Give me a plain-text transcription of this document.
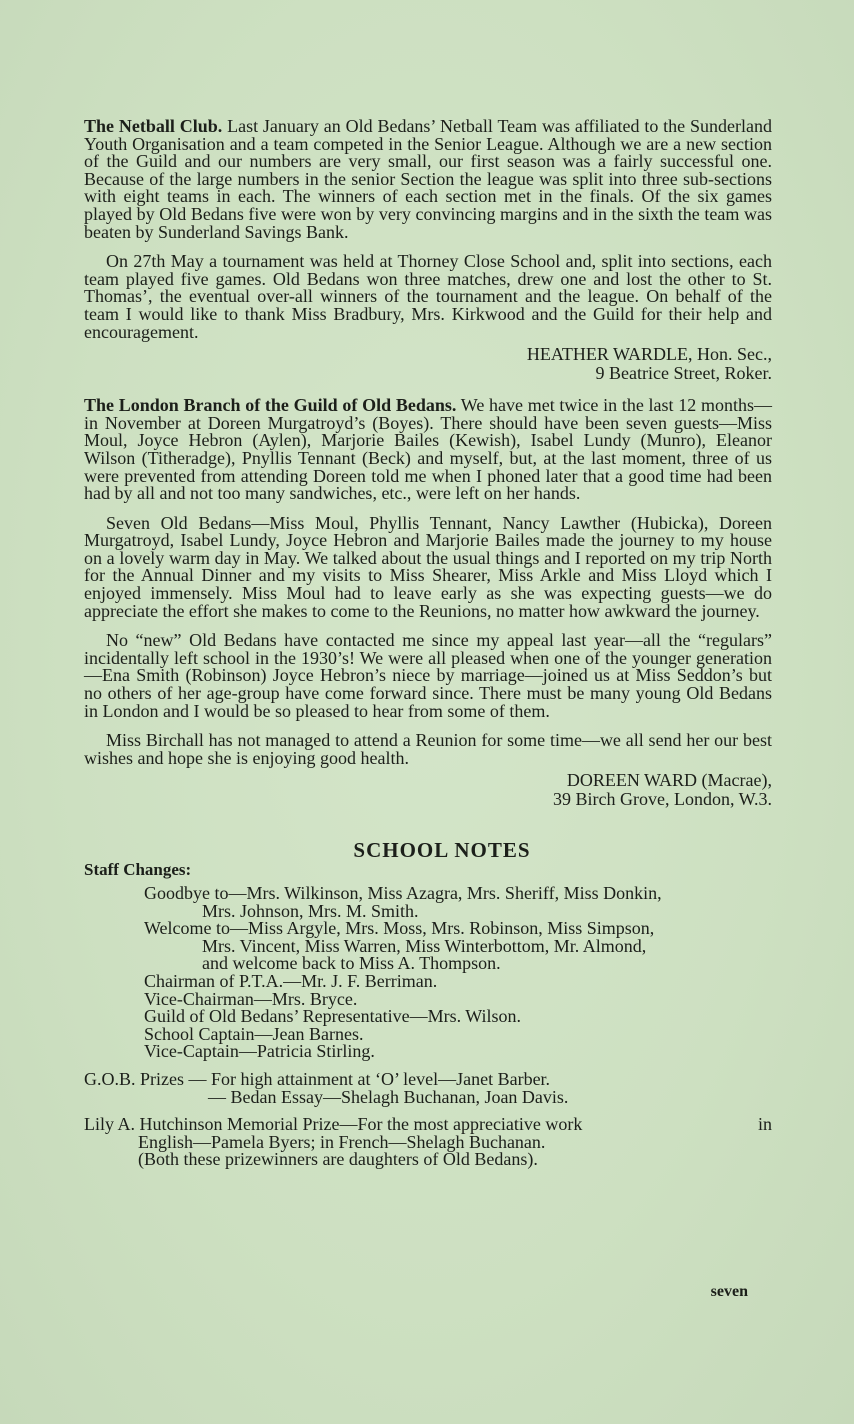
The Netball Club. Last January an Old Bedans’ Netball Team was affiliated to the Sunderland Youth Organisation and a team competed in the Senior League. Although we are a new section of the Guild and our numbers are very small, our first season was a fairly successful one. Because of the large numbers in the senior Section the league was split into three sub-sections with eight teams in each. The winners of each section met in the finals. Of the six games played by Old Bedans five were won by very convincing margins and in the sixth the team was beaten by Sunderland Savings Bank.

On 27th May a tournament was held at Thorney Close School and, split into sections, each team played five games. Old Bedans won three matches, drew one and lost the other to St. Thomas’, the eventual over-all winners of the tournament and the league. On behalf of the team I would like to thank Miss Bradbury, Mrs. Kirkwood and the Guild for their help and encouragement.

HEATHER WARDLE, Hon. Sec.,
9 Beatrice Street, Roker.

The London Branch of the Guild of Old Bedans. We have met twice in the last 12 months—in November at Doreen Murgatroyd’s (Boyes). There should have been seven guests—Miss Moul, Joyce Hebron (Aylen), Marjorie Bailes (Kewish), Isabel Lundy (Munro), Eleanor Wilson (Titheradge), Pnyllis Tennant (Beck) and myself, but, at the last moment, three of us were prevented from attending Doreen told me when I phoned later that a good time had been had by all and not too many sandwiches, etc., were left on her hands.

Seven Old Bedans—Miss Moul, Phyllis Tennant, Nancy Lawther (Hubicka), Doreen Murgatroyd, Isabel Lundy, Joyce Hebron and Marjorie Bailes made the journey to my house on a lovely warm day in May. We talked about the usual things and I reported on my trip North for the Annual Dinner and my visits to Miss Shearer, Miss Arkle and Miss Lloyd which I enjoyed immensely. Miss Moul had to leave early as she was expecting guests—we do appreciate the effort she makes to come to the Reunions, no matter how awkward the journey.

No “new” Old Bedans have contacted me since my appeal last year—all the “regulars” incidentally left school in the 1930’s! We were all pleased when one of the younger generation—Ena Smith (Robinson) Joyce Hebron’s niece by marriage—joined us at Miss Seddon’s but no others of her age-group have come forward since. There must be many young Old Bedans in London and I would be so pleased to hear from some of them.

Miss Birchall has not managed to attend a Reunion for some time—we all send her our best wishes and hope she is enjoying good health.

DOREEN WARD (Macrae),
39 Birch Grove, London, W.3.
SCHOOL NOTES
Staff Changes:
Goodbye to—Mrs. Wilkinson, Miss Azagra, Mrs. Sheriff, Miss Donkin,
Mrs. Johnson, Mrs. M. Smith.
Welcome to—Miss Argyle, Mrs. Moss, Mrs. Robinson, Miss Simpson,
Mrs. Vincent, Miss Warren, Miss Winterbottom, Mr. Almond,
and welcome back to Miss A. Thompson.
Chairman of P.T.A.—Mr. J. F. Berriman.
Vice-Chairman—Mrs. Bryce.
Guild of Old Bedans’ Representative—Mrs. Wilson.
School Captain—Jean Barnes.
Vice-Captain—Patricia Stirling.
G.O.B. Prizes — For high attainment at ‘O’ level—Janet Barber.
— Bedan Essay—Shelagh Buchanan, Joan Davis.
Lily A. Hutchinson Memorial Prize—For the most appreciative work	in
English—Pamela Byers; in French—Shelagh Buchanan.
(Both these prizewinners are daughters of Old Bedans).
seven
